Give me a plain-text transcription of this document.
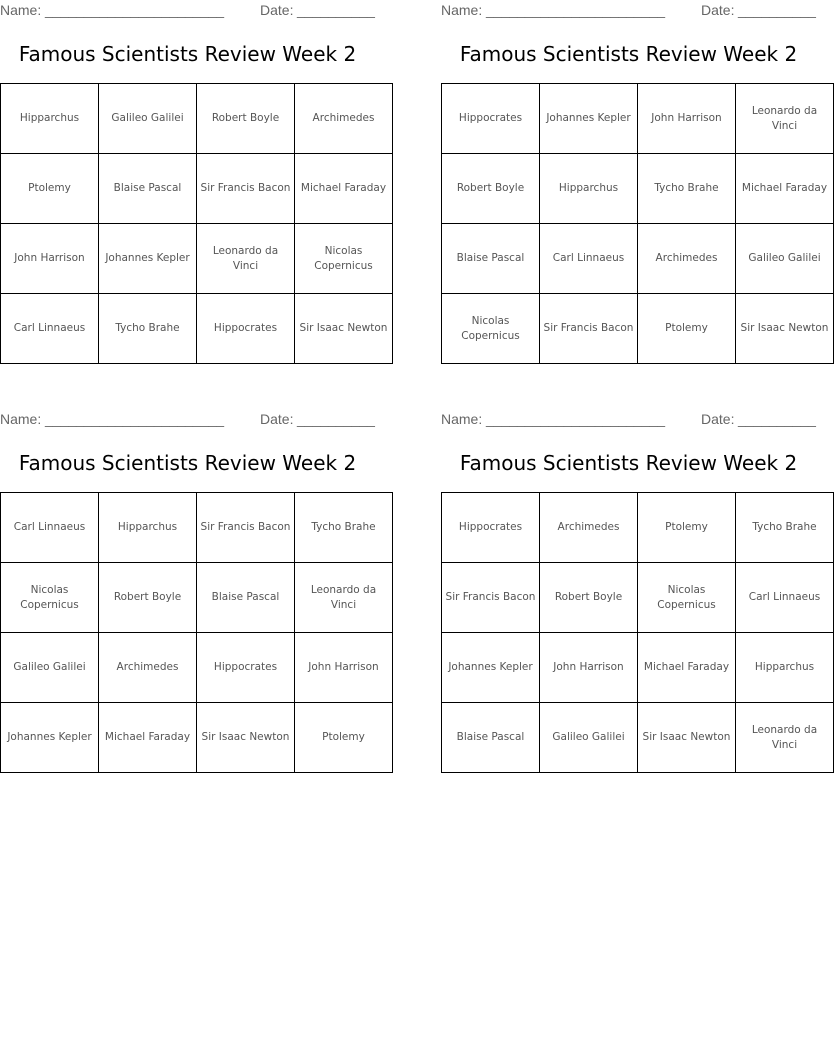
Name: _______________________	Date: __________
Famous Scientists Review Week 2
Hipparchus	Galileo Galilei	Robert Boyle	Archimedes
Ptolemy	Blaise Pascal	Sir Francis Bacon	Michael Faraday
John Harrison	Johannes Kepler	Leonardo da Vinci	Nicolas Copernicus
Carl Linnaeus	Tycho Brahe	Hippocrates	Sir Isaac Newton
Name: _______________________	Date: __________
Famous Scientists Review Week 2
Hippocrates	Johannes Kepler	John Harrison	Leonardo da Vinci
Robert Boyle	Hipparchus	Tycho Brahe	Michael Faraday
Blaise Pascal	Carl Linnaeus	Archimedes	Galileo Galilei
Nicolas Copernicus	Sir Francis Bacon	Ptolemy	Sir Isaac Newton
Name: _______________________	Date: __________
Famous Scientists Review Week 2
Carl Linnaeus	Hipparchus	Sir Francis Bacon	Tycho Brahe
Nicolas Copernicus	Robert Boyle	Blaise Pascal	Leonardo da Vinci
Galileo Galilei	Archimedes	Hippocrates	John Harrison
Johannes Kepler	Michael Faraday	Sir Isaac Newton	Ptolemy
Name: _______________________	Date: __________
Famous Scientists Review Week 2
Hippocrates	Archimedes	Ptolemy	Tycho Brahe
Sir Francis Bacon	Robert Boyle	Nicolas Copernicus	Carl Linnaeus
Johannes Kepler	John Harrison	Michael Faraday	Hipparchus
Blaise Pascal	Galileo Galilei	Sir Isaac Newton	Leonardo da Vinci
